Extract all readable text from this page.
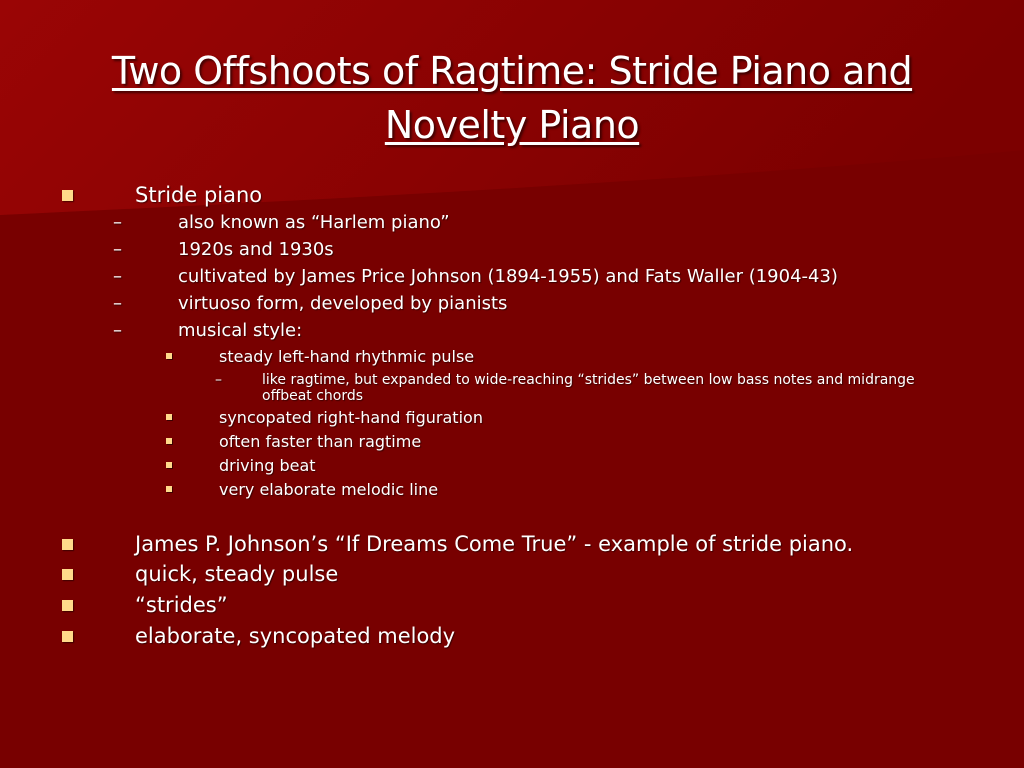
Two Offshoots of Ragtime: Stride Piano and
Novelty Piano
Stride piano
–	also known as “Harlem piano”
–	1920s and 1930s
–	cultivated by James Price Johnson (1894-1955) and Fats Waller (1904-43)
–	virtuoso form, developed by pianists
–	musical style:
steady left-hand rhythmic pulse
–	like ragtime, but expanded to wide-reaching “strides” between low bass notes and midrange
offbeat chords
syncopated right-hand figuration
often faster than ragtime
driving beat
very elaborate melodic line
James P. Johnson’s “If Dreams Come True” - example of stride piano.
quick, steady pulse
“strides”
elaborate, syncopated melody
